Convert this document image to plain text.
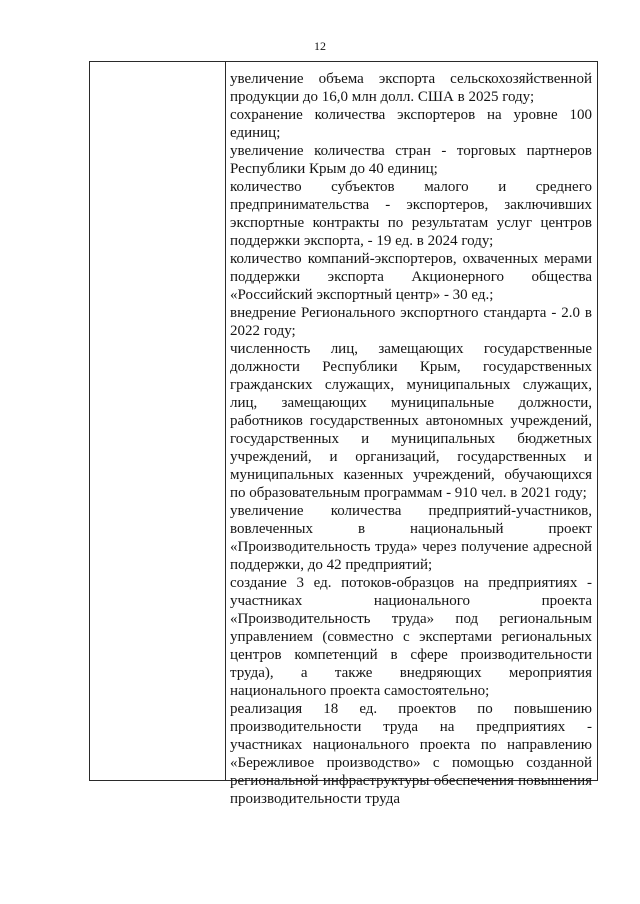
12
увеличение объема экспорта сельскохозяйственной продукции до 16,0 млн долл. США в 2025 году;
сохранение количества экспортеров на уровне 100 единиц;
увеличение количества стран - торговых партнеров Республики Крым до 40 единиц;
количество субъектов малого и среднего предпринимательства - экспортеров, заключивших экспортные контракты по результатам услуг центров поддержки экспорта, - 19 ед. в 2024 году;
количество компаний-экспортеров, охваченных мерами поддержки экспорта Акционерного общества «Российский экспортный центр» - 30 ед.;
внедрение Регионального экспортного стандарта - 2.0 в 2022 году;
численность лиц, замещающих государственные должности Республики Крым, государственных гражданских служащих, муниципальных служащих, лиц, замещающих муниципальные должности, работников государственных автономных учреждений, государственных и муниципальных бюджетных учреждений, и организаций, государственных и муниципальных казенных учреждений, обучающихся по образовательным программам - 910 чел. в 2021 году;
увеличение количества предприятий-участников, вовлеченных в национальный проект «Производительность труда» через получение адресной поддержки, до 42 предприятий;
создание 3 ед. потоков-образцов на предприятиях - участниках национального проекта «Производительность труда» под региональным управлением (совместно с экспертами региональных центров компетенций в сфере производительности труда), а также внедряющих мероприятия национального проекта самостоятельно;
реализация 18 ед. проектов по повышению производительности труда на предприятиях - участниках национального проекта по направлению «Бережливое производство» с помощью созданной региональной инфраструктуры обеспечения повышения производительности труда
